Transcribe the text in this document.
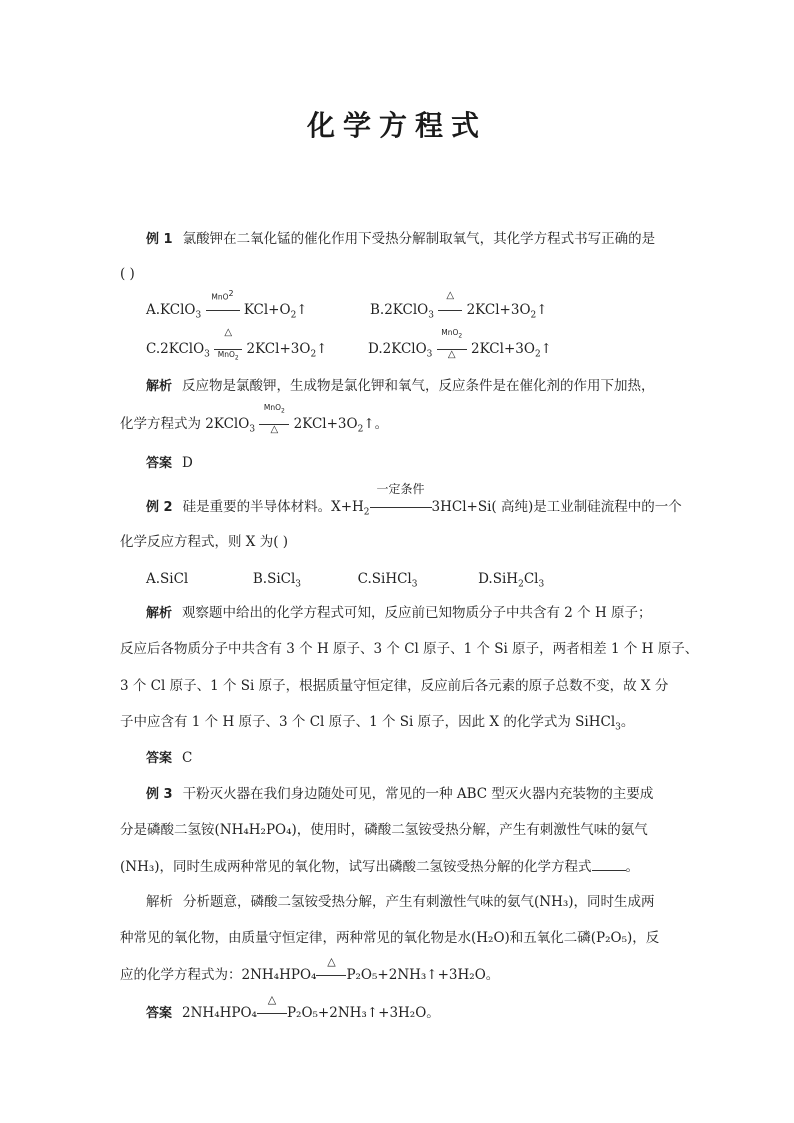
化学方程式
例 1 氯酸钾在二氧化锰的催化作用下受热分解制取氧气，其化学方程式书写正确的是
( )
A.KClO$_3$
MnO$^2$
$KCl+O_2↑$	B.2KClO$_3$
△
$2KCl+3O_2↑$
C.2KClO$_3$
△
MnO$_2$
$2KCl+3O_2↑$	D.2KClO$_3$
MnO$_2$
△	$2KCl+3O_2↑$
解析 反应物是氯酸钾，生成物是氯化钾和氧气，反应条件是在催化剂的作用下加热，
化学方程式为 2KClO$_3$
MnO$_2$
△	$2KCl+3O_2↑$。
答案 D
例 2 硅是重要的半导体材料。$X+H_2$
一定条件
3HCl+Si( 高纯)是工业制硅流程中的一个
化学反应方程式，则 X 为( )
A.SiCl	B.SiCl$_3$	C.SiHCl$_3$	$D.SiH_2Cl_3$
解析 观察题中给出的化学方程式可知，反应前已知物质分子中共含有 2 个 H 原子；
反应后各物质分子中共含有 3 个 H 原子、3 个 Cl 原子、1 个 Si 原子，两者相差 1 个 H 原子、
3 个 Cl 原子、1 个 Si 原子，根据质量守恒定律，反应前后各元素的原子总数不变，故 X 分
子中应含有 1 个 H 原子、3 个 Cl 原子、1 个 Si 原子，因此 X 的化学式为 SiHCl$_3$。
答案 C
例 3 干粉灭火器在我们身边随处可见，常见的一种 ABC 型灭火器内充装物的主要成
分是磷酸二氢铵(NH₄H₂PO₄)，使用时，磷酸二氢铵受热分解，产生有刺激性气味的氨气
(NH₃)，同时生成两种常见的氧化物，试写出磷酸二氢铵受热分解的化学方程式	。
解析 分析题意，磷酸二氢铵受热分解，产生有刺激性气味的氨气(NH₃)，同时生成两
种常见的氧化物，由质量守恒定律，两种常见的氧化物是水(H₂O)和五氧化二磷(P₂O₅)，反
应的化学方程式为：2NH₄HPO₄
△
P₂O₅+2NH₃↑+3H₂O。
答案 2NH₄HPO₄
△
P₂O₅+2NH₃↑+3H₂O。
